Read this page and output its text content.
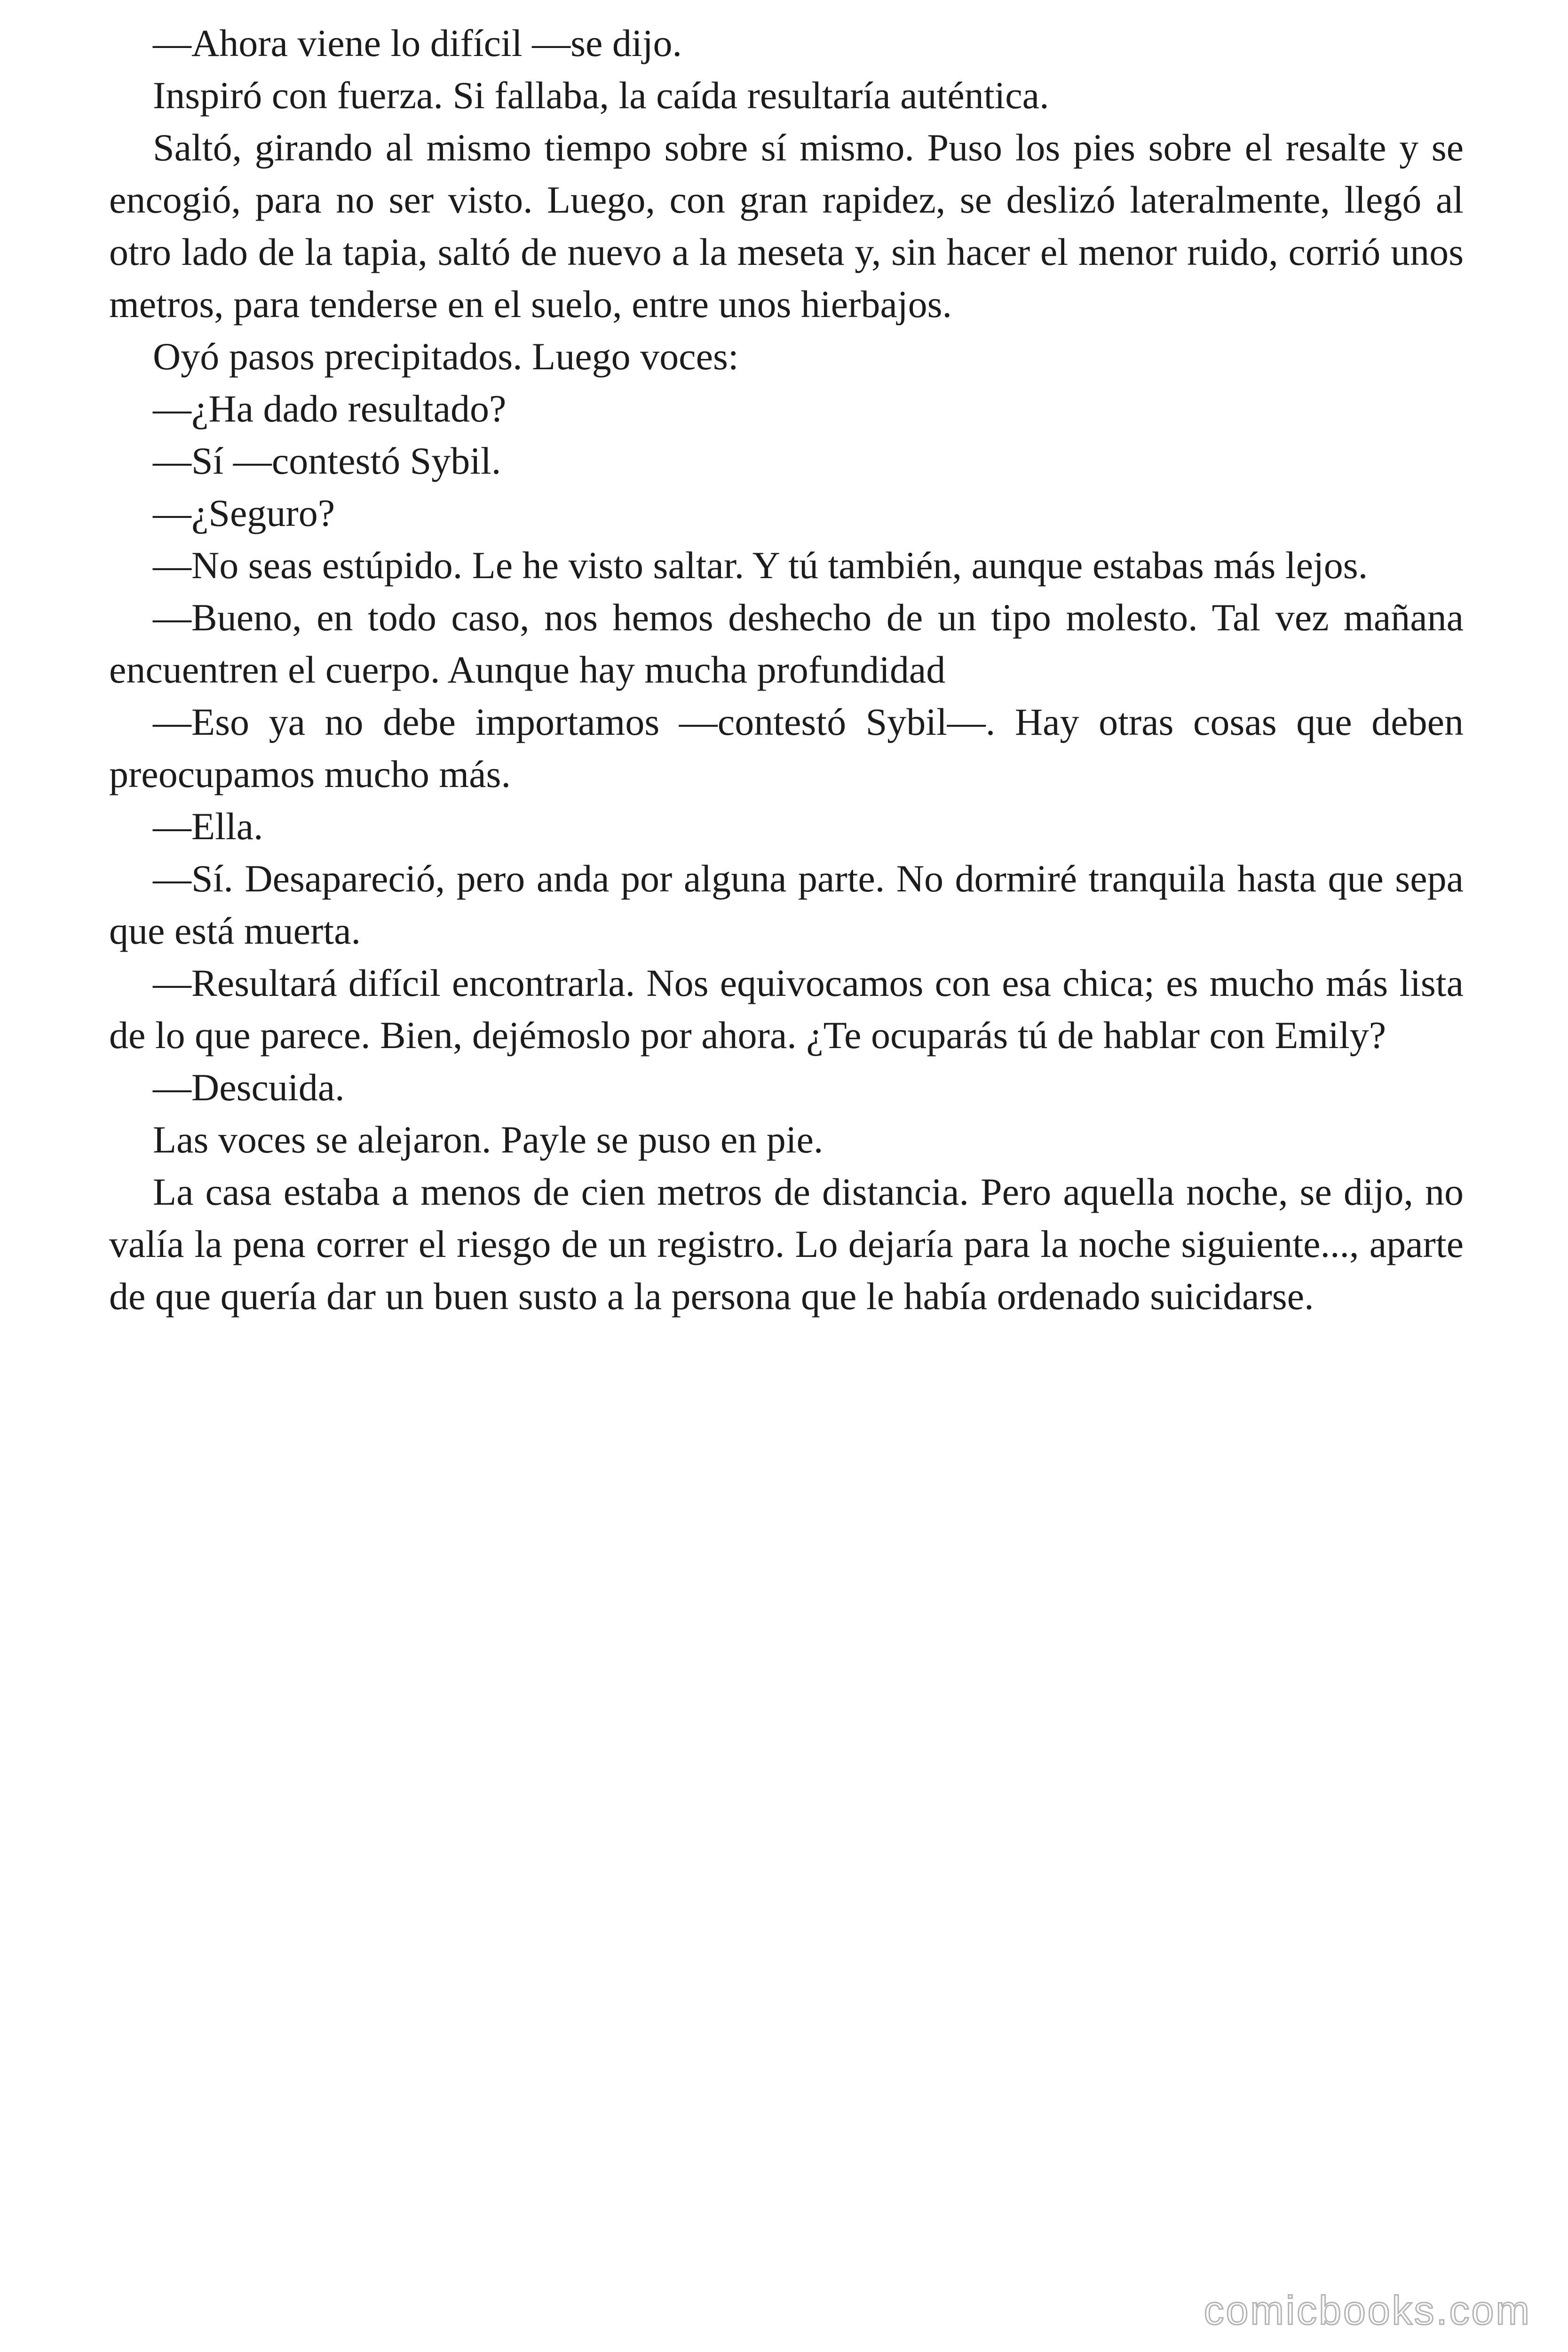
—Ahora viene lo difícil —se dijo.

Inspiró con fuerza. Si fallaba, la caída resultaría auténtica.

Saltó, girando al mismo tiempo sobre sí mismo. Puso los pies sobre el resalte y se encogió, para no ser visto. Luego, con gran rapidez, se deslizó lateralmente, llegó al otro lado de la tapia, saltó de nuevo a la meseta y, sin hacer el menor ruido, corrió unos metros, para tenderse en el suelo, entre unos hierbajos.

Oyó pasos precipitados. Luego voces:

—¿Ha dado resultado?

—Sí —contestó Sybil.

—¿Seguro?

—No seas estúpido. Le he visto saltar. Y tú también, aunque estabas más lejos.

—Bueno, en todo caso, nos hemos deshecho de un tipo molesto. Tal vez mañana encuentren el cuerpo. Aunque hay mucha profundidad

—Eso ya no debe importamos —contestó Sybil—. Hay otras cosas que deben preocupamos mucho más.

—Ella.

—Sí. Desapareció, pero anda por alguna parte. No dormiré tranquila hasta que sepa que está muerta.

—Resultará difícil encontrarla. Nos equivocamos con esa chica; es mucho más lista de lo que parece. Bien, dejémoslo por ahora. ¿Te ocuparás tú de hablar con Emily?

—Descuida.

Las voces se alejaron. Payle se puso en pie.

La casa estaba a menos de cien metros de distancia. Pero aquella noche, se dijo, no valía la pena correr el riesgo de un registro. Lo dejaría para la noche siguiente..., aparte de que quería dar un buen susto a la persona que le había ordenado suicidarse.

comicbooks.com
